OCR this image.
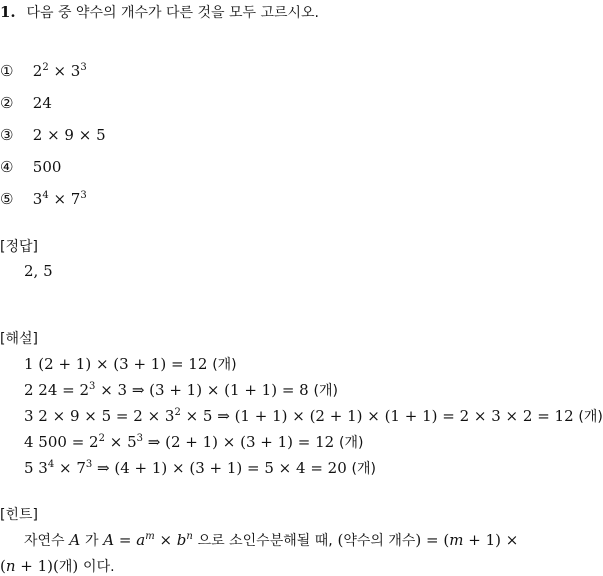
1. 다음 중 약수의 개수가 다른 것을 모두 고르시오.
① $2^2 \times 3^3$
② 24
③ 2 × 9 × 5
④ 500
⑤ $3^4 \times 7^3$
[정답]
2, 5
[해설]
1 (2 + 1) × (3 + 1) = 12 (개)
2 $24 = 2^3 \times 3$ ⇒ (3 + 1) × (1 + 1) = 8 (개)
3 $2 \times 9 \times 5 = 2 \times 3^2 \times 5$ ⇒ (1 + 1) × (2 + 1) × (1 + 1) = 2 × 3 × 2 = 12 (개)
4 $500 = 2^2 \times 5^3$ ⇒ (2 + 1) × (3 + 1) = 12 (개)
5 $3^4 \times 7^3$ ⇒ (4 + 1) × (3 + 1) = 5 × 4 = 20 (개)
[힌트]
자연수 A 가 $A = a^m \times b^n$ 으로 소인수분해될 때, (약수의 개수) = (m + 1) ×
(n + 1)(개) 이다.
